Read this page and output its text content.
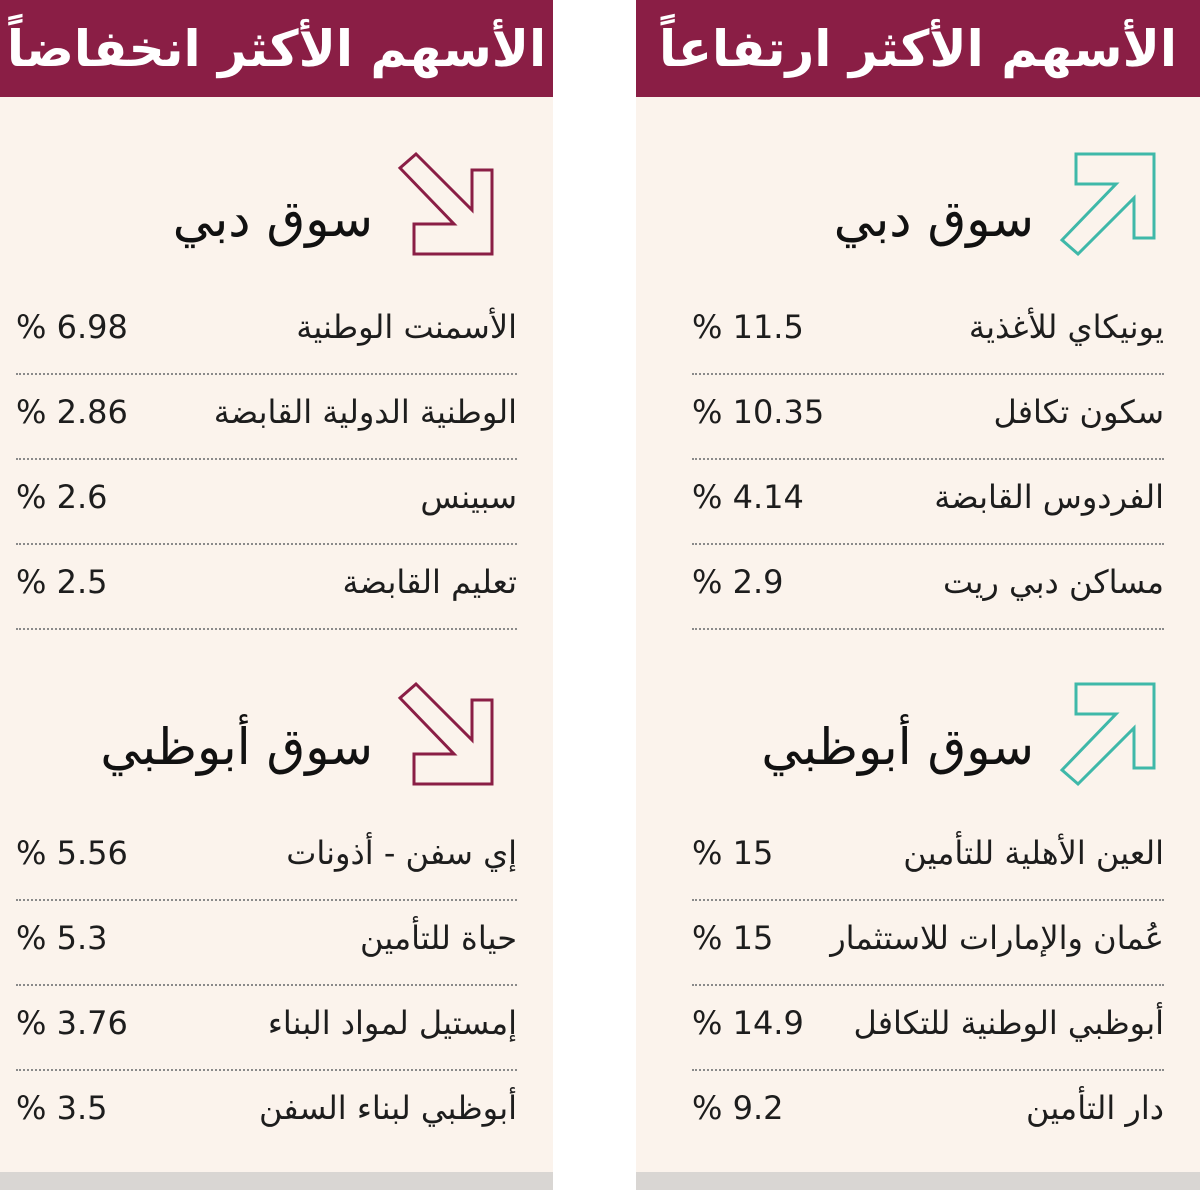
الأسهم الأكثر ارتفاعاً
سوق دبي
يونيكاي للأغذية
% 11.5
سكون تكافل
% 10.35
الفردوس القابضة
% 4.14
مساكن دبي ريت
% 2.9
سوق أبوظبي
العين الأهلية للتأمين
% 15
عُمان والإمارات للاستثمار
% 15
أبوظبي الوطنية للتكافل
% 14.9
دار التأمين
% 9.2
الأسهم الأكثر انخفاضاً
سوق دبي
الأسمنت الوطنية
% 6.98
الوطنية الدولية القابضة
% 2.86
سبينس
% 2.6
تعليم القابضة
% 2.5
سوق أبوظبي
إي سفن - أذونات
% 5.56
حياة للتأمين
% 5.3
إمستيل لمواد البناء
% 3.76
أبوظبي لبناء السفن
% 3.5
